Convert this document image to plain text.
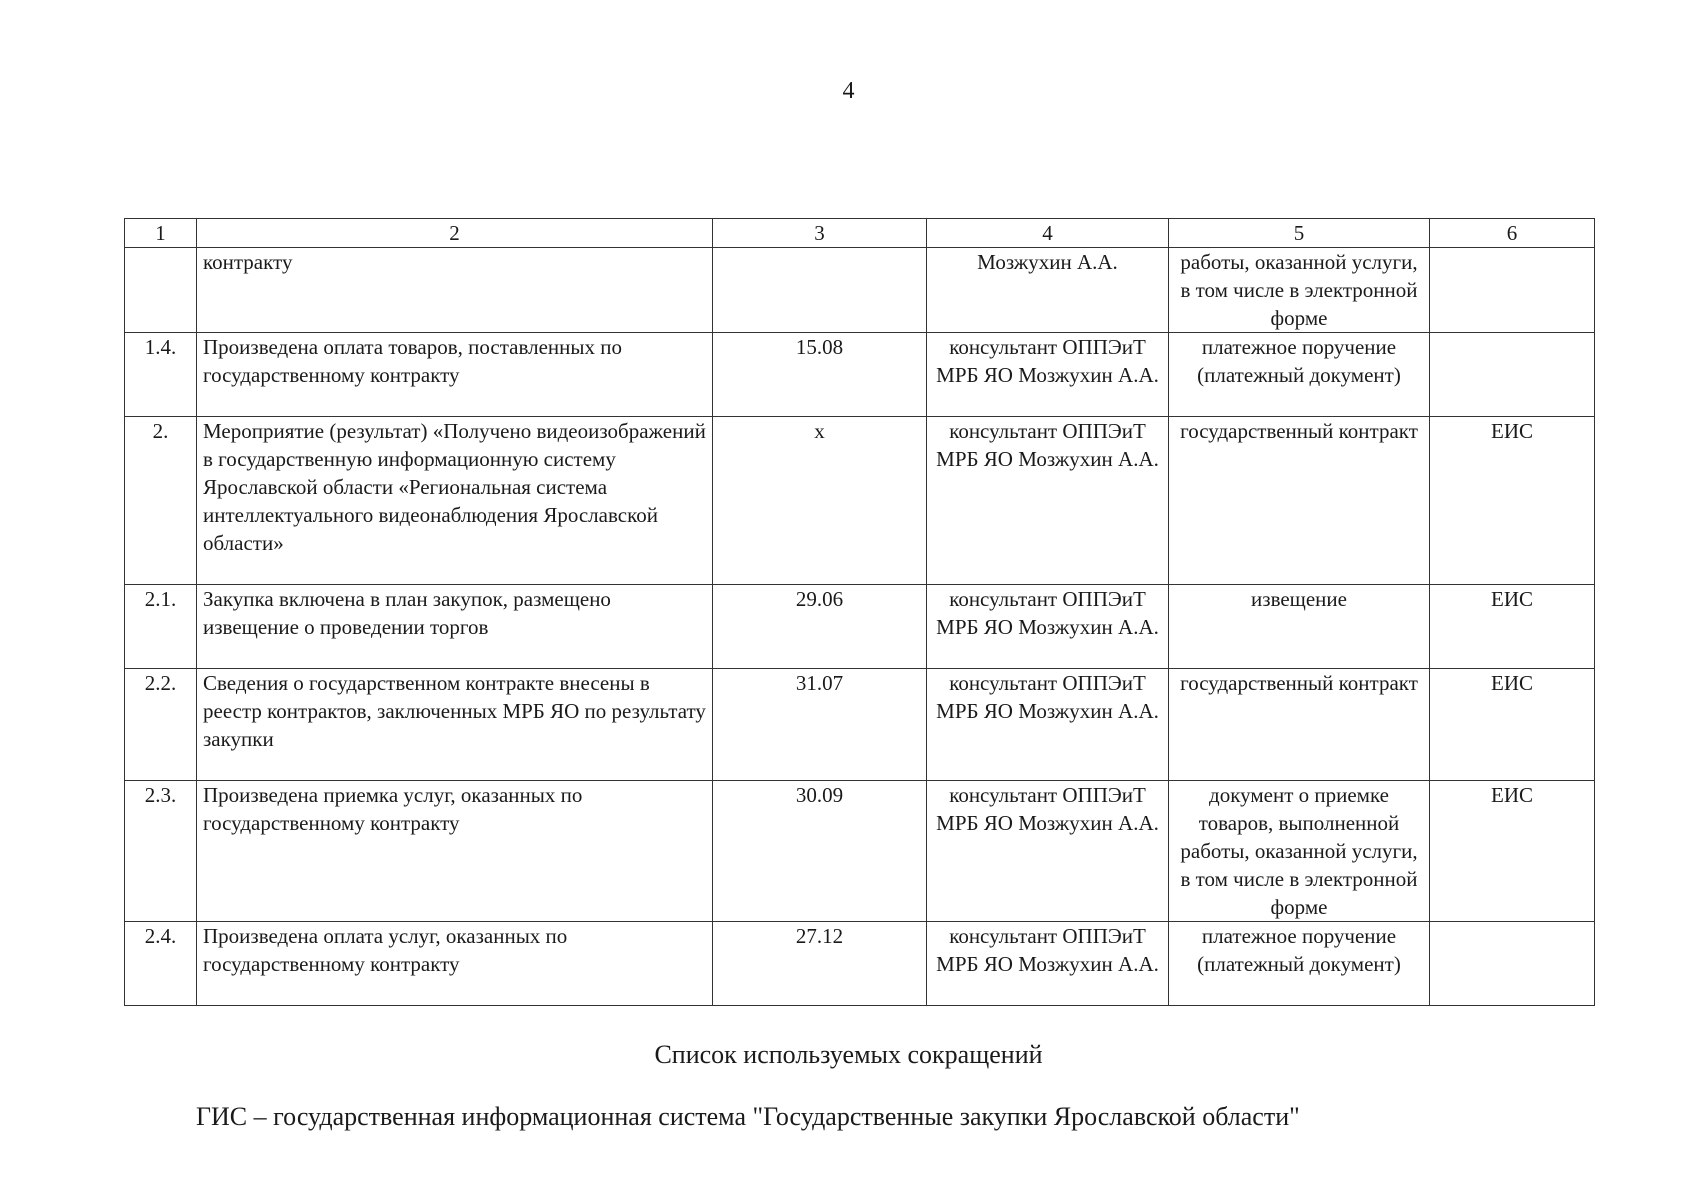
4
1	2	3	4	5	6
	контракту		Мозжухин А.А.	работы, оказанной услуги, в том числе в электронной форме	
1.4.	Произведена оплата товаров, поставленных по государственному контракту	15.08	консультант ОППЭиТ МРБ ЯО Мозжухин А.А.	платежное поручение (платежный документ)	
2.	Мероприятие (результат) «Получено видеоизображений в государственную информационную систему Ярославской области «Региональная система интеллектуального видеонаблюдения Ярославской области»	x	консультант ОППЭиТ МРБ ЯО Мозжухин А.А.	государственный контракт	ЕИС
2.1.	Закупка включена в план закупок, размещено извещение о проведении торгов	29.06	консультант ОППЭиТ МРБ ЯО Мозжухин А.А.	извещение	ЕИС
2.2.	Сведения о государственном контракте внесены в реестр контрактов, заключенных МРБ ЯО по результату закупки	31.07	консультант ОППЭиТ МРБ ЯО Мозжухин А.А.	государственный контракт	ЕИС
2.3.	Произведена приемка услуг, оказанных по государственному контракту	30.09	консультант ОППЭиТ МРБ ЯО Мозжухин А.А.	документ о приемке товаров, выполненной работы, оказанной услуги, в том числе в электронной форме	ЕИС
2.4.	Произведена оплата услуг, оказанных по государственному контракту	27.12	консультант ОППЭиТ МРБ ЯО Мозжухин А.А.	платежное поручение (платежный документ)	
Список используемых сокращений
ГИС – государственная информационная система "Государственные закупки Ярославской области"
